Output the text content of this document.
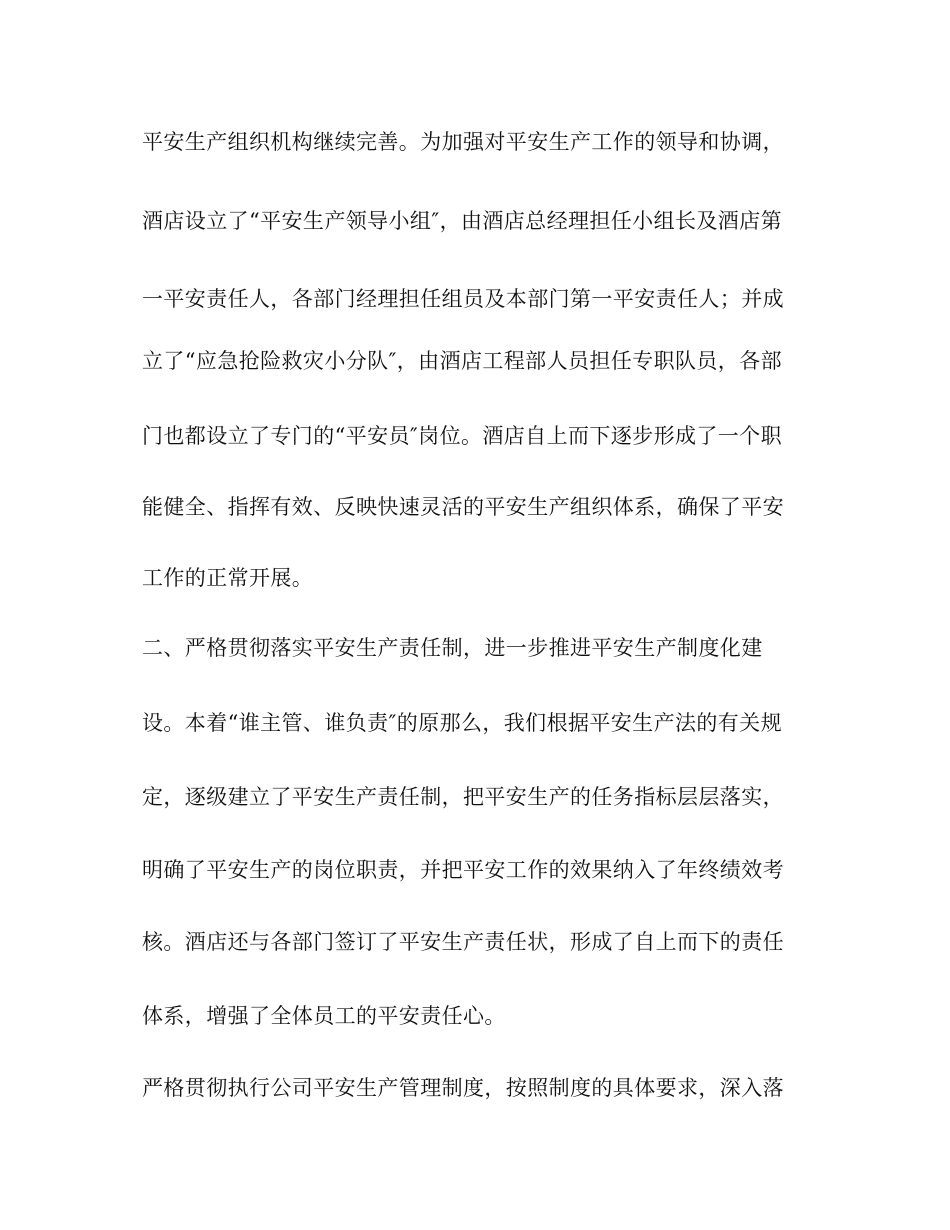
平安生产组织机构继续完善。为加强对平安生产工作的领导和协调，

酒店设立了“平安生产领导小组″，由酒店总经理担任小组长及酒店第

一平安责任人，各部门经理担任组员及本部门第一平安责任人；并成

立了“应急抢险救灾小分队″，由酒店工程部人员担任专职队员，各部

门也都设立了专门的“平安员″岗位。酒店自上而下逐步形成了一个职

能健全、指挥有效、反映快速灵活的平安生产组织体系，确保了平安

工作的正常开展。

二、严格贯彻落实平安生产责任制，进一步推进平安生产制度化建

设。本着“谁主管、谁负责″的原那么，我们根据平安生产法的有关规

定，逐级建立了平安生产责任制，把平安生产的任务指标层层落实，

明确了平安生产的岗位职责，并把平安工作的效果纳入了年终绩效考

核。酒店还与各部门签订了平安生产责任状，形成了自上而下的责任

体系，增强了全体员工的平安责任心。

严格贯彻执行公司平安生产管理制度，按照制度的具体要求，深入落
